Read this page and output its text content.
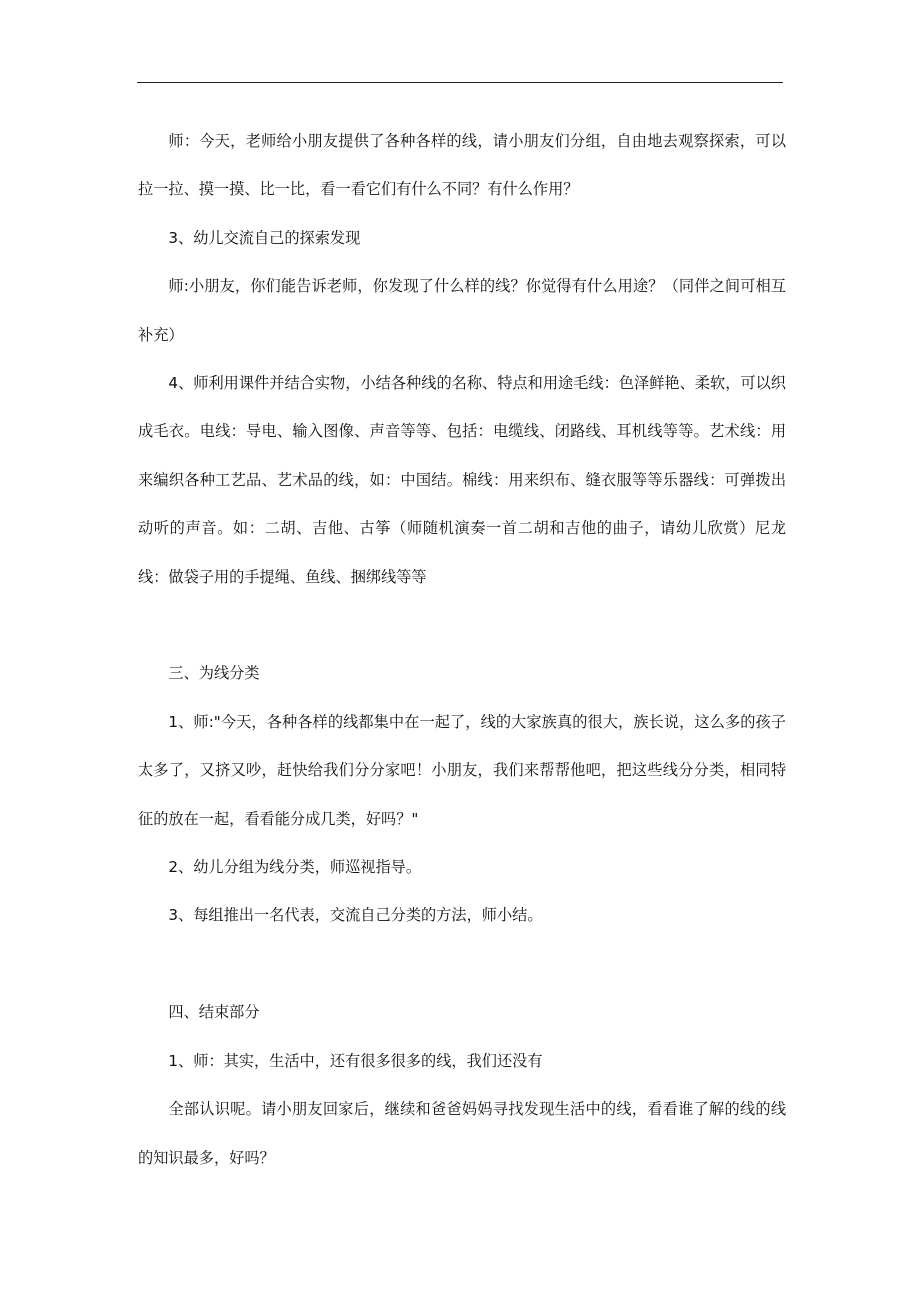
师：今天，老师给小朋友提供了各种各样的线，请小朋友们分组，自由地去观察探索，可以拉一拉、摸一摸、比一比，看一看它们有什么不同？有什么作用？

3、幼儿交流自己的探索发现

师:小朋友，你们能告诉老师，你发现了什么样的线？你觉得有什么用途？（同伴之间可相互补充）

4、师利用课件并结合实物，小结各种线的名称、特点和用途毛线：色泽鲜艳、柔软，可以织成毛衣。电线：导电、输入图像、声音等等、包括：电缆线、闭路线、耳机线等等。艺术线：用来编织各种工艺品、艺术品的线，如：中国结。棉线：用来织布、缝衣服等等乐器线：可弹拨出动听的声音。如：二胡、吉他、古筝（师随机演奏一首二胡和吉他的曲子，请幼儿欣赏）尼龙线：做袋子用的手提绳、鱼线、捆绑线等等

三、为线分类

1、师:"今天，各种各样的线都集中在一起了，线的大家族真的很大，族长说，这么多的孩子太多了，又挤又吵，赶快给我们分分家吧！小朋友，我们来帮帮他吧，把这些线分分类，相同特征的放在一起，看看能分成几类，好吗？"

2、幼儿分组为线分类，师巡视指导。

3、每组推出一名代表，交流自己分类的方法，师小结。

四、结束部分

1、师：其实，生活中，还有很多很多的线，我们还没有

全部认识呢。请小朋友回家后，继续和爸爸妈妈寻找发现生活中的线，看看谁了解的线的线的知识最多，好吗？
